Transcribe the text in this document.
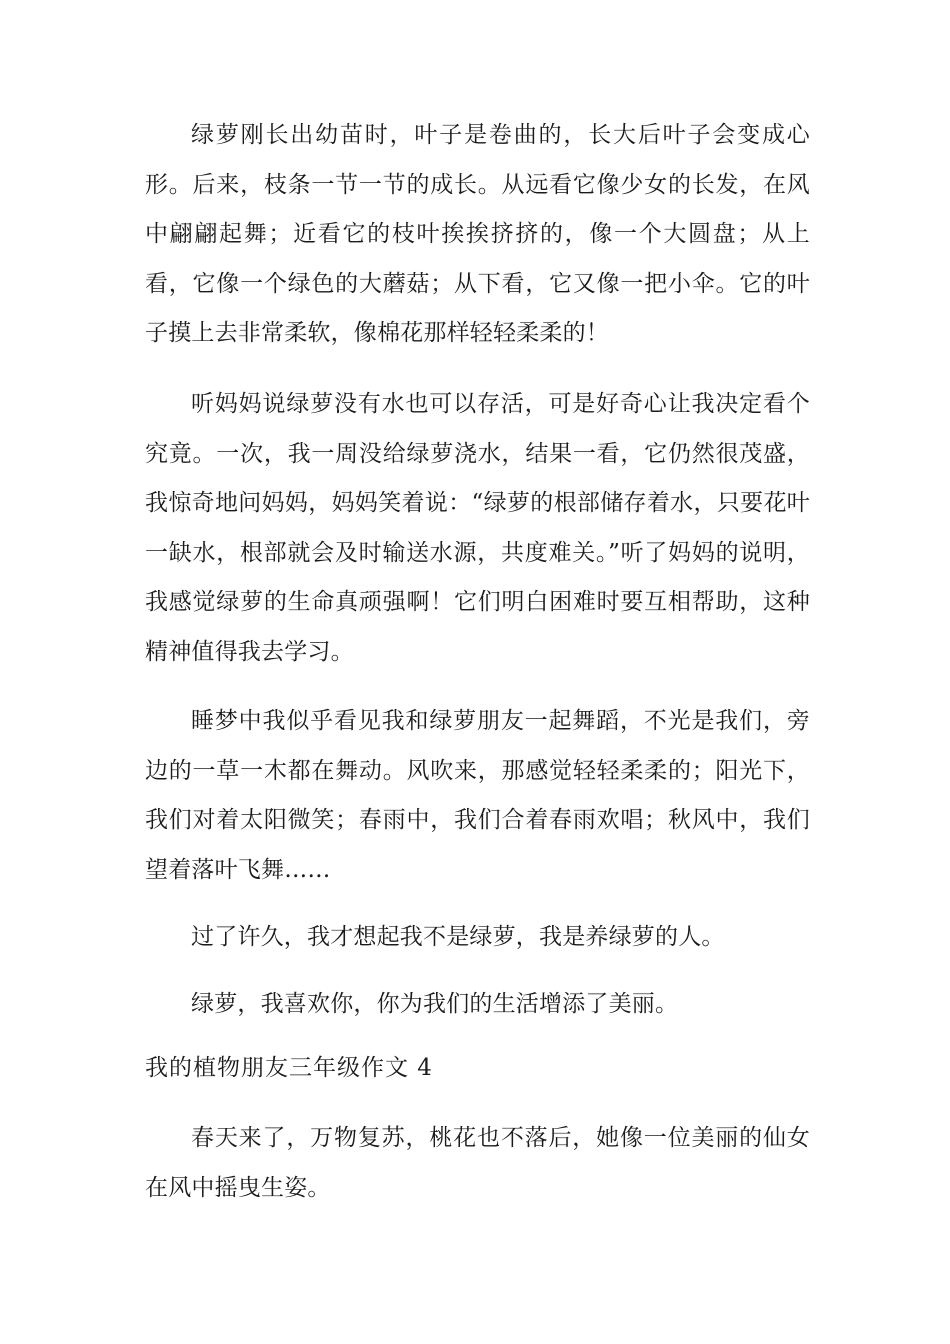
绿萝刚长出幼苗时，叶子是卷曲的，长大后叶子会变成心形。后来，枝条一节一节的成长。从远看它像少女的长发，在风中翩翩起舞；近看它的枝叶挨挨挤挤的，像一个大圆盘；从上看，它像一个绿色的大蘑菇；从下看，它又像一把小伞。它的叶子摸上去非常柔软，像棉花那样轻轻柔柔的！

听妈妈说绿萝没有水也可以存活，可是好奇心让我决定看个究竟。一次，我一周没给绿萝浇水，结果一看，它仍然很茂盛，我惊奇地问妈妈，妈妈笑着说：“绿萝的根部储存着水，只要花叶一缺水，根部就会及时输送水源，共度难关。”听了妈妈的说明，我感觉绿萝的生命真顽强啊！它们明白困难时要互相帮助，这种精神值得我去学习。

睡梦中我似乎看见我和绿萝朋友一起舞蹈，不光是我们，旁边的一草一木都在舞动。风吹来，那感觉轻轻柔柔的；阳光下，我们对着太阳微笑；春雨中，我们合着春雨欢唱；秋风中，我们望着落叶飞舞……

过了许久，我才想起我不是绿萝，我是养绿萝的人。

绿萝，我喜欢你，你为我们的生活增添了美丽。

我的植物朋友三年级作文 4

春天来了，万物复苏，桃花也不落后，她像一位美丽的仙女在风中摇曳生姿。
